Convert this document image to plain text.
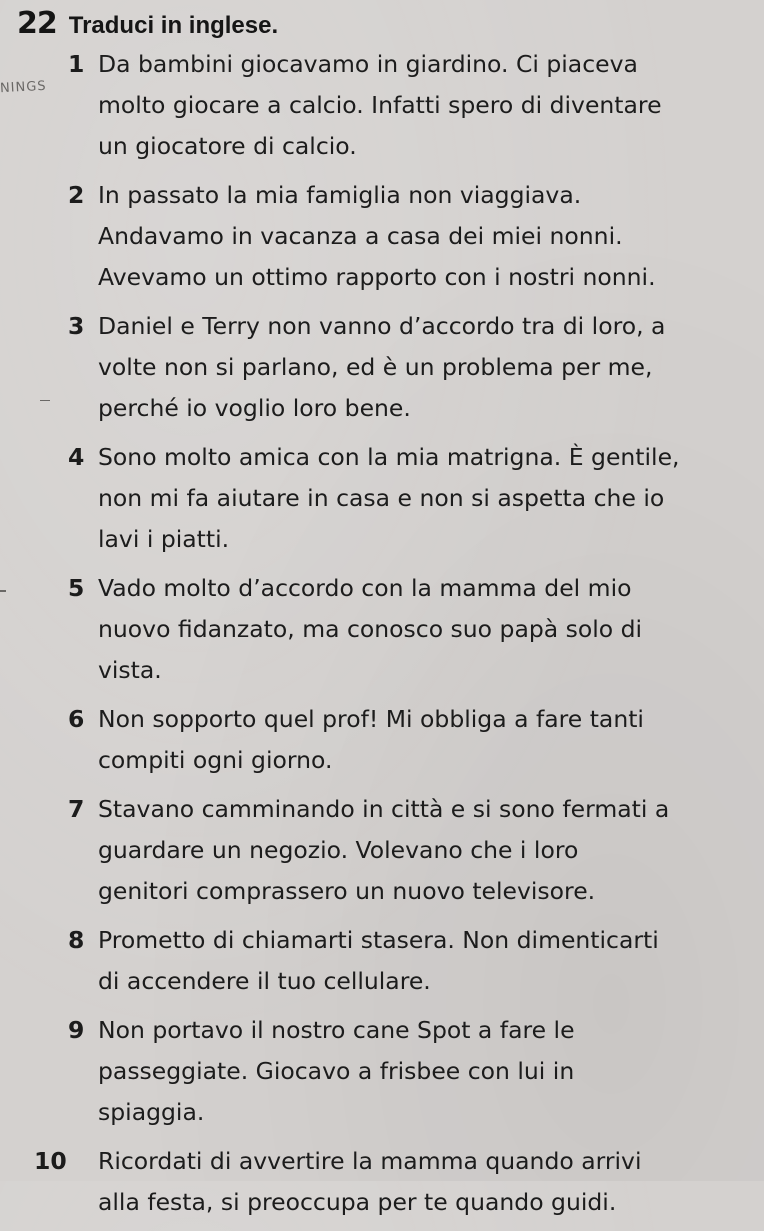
22 Traduci in inglese.
NINGS
1 Da bambini giocavamo in giardino. Ci piaceva
molto giocare a calcio. Infatti spero di diventare
un giocatore di calcio.
2 In passato la mia famiglia non viaggiava.
Andavamo in vacanza a casa dei miei nonni.
Avevamo un ottimo rapporto con i nostri nonni.
3 Daniel e Terry non vanno d’accordo tra di loro, a
volte non si parlano, ed è un problema per me,
perché io voglio loro bene.
4 Sono molto amica con la mia matrigna. È gentile,
non mi fa aiutare in casa e non si aspetta che io
lavi i piatti.
5 Vado molto d’accordo con la mamma del mio
nuovo fidanzato, ma conosco suo papà solo di
vista.
6 Non sopporto quel prof! Mi obbliga a fare tanti
compiti ogni giorno.
7 Stavano camminando in città e si sono fermati a
guardare un negozio. Volevano che i loro
genitori comprassero un nuovo televisore.
8 Prometto di chiamarti stasera. Non dimenticarti
di accendere il tuo cellulare.
9 Non portavo il nostro cane Spot a fare le
passeggiate. Giocavo a frisbee con lui in
spiaggia.
10 Ricordati di avvertire la mamma quando arrivi
alla festa, si preoccupa per te quando guidi.
